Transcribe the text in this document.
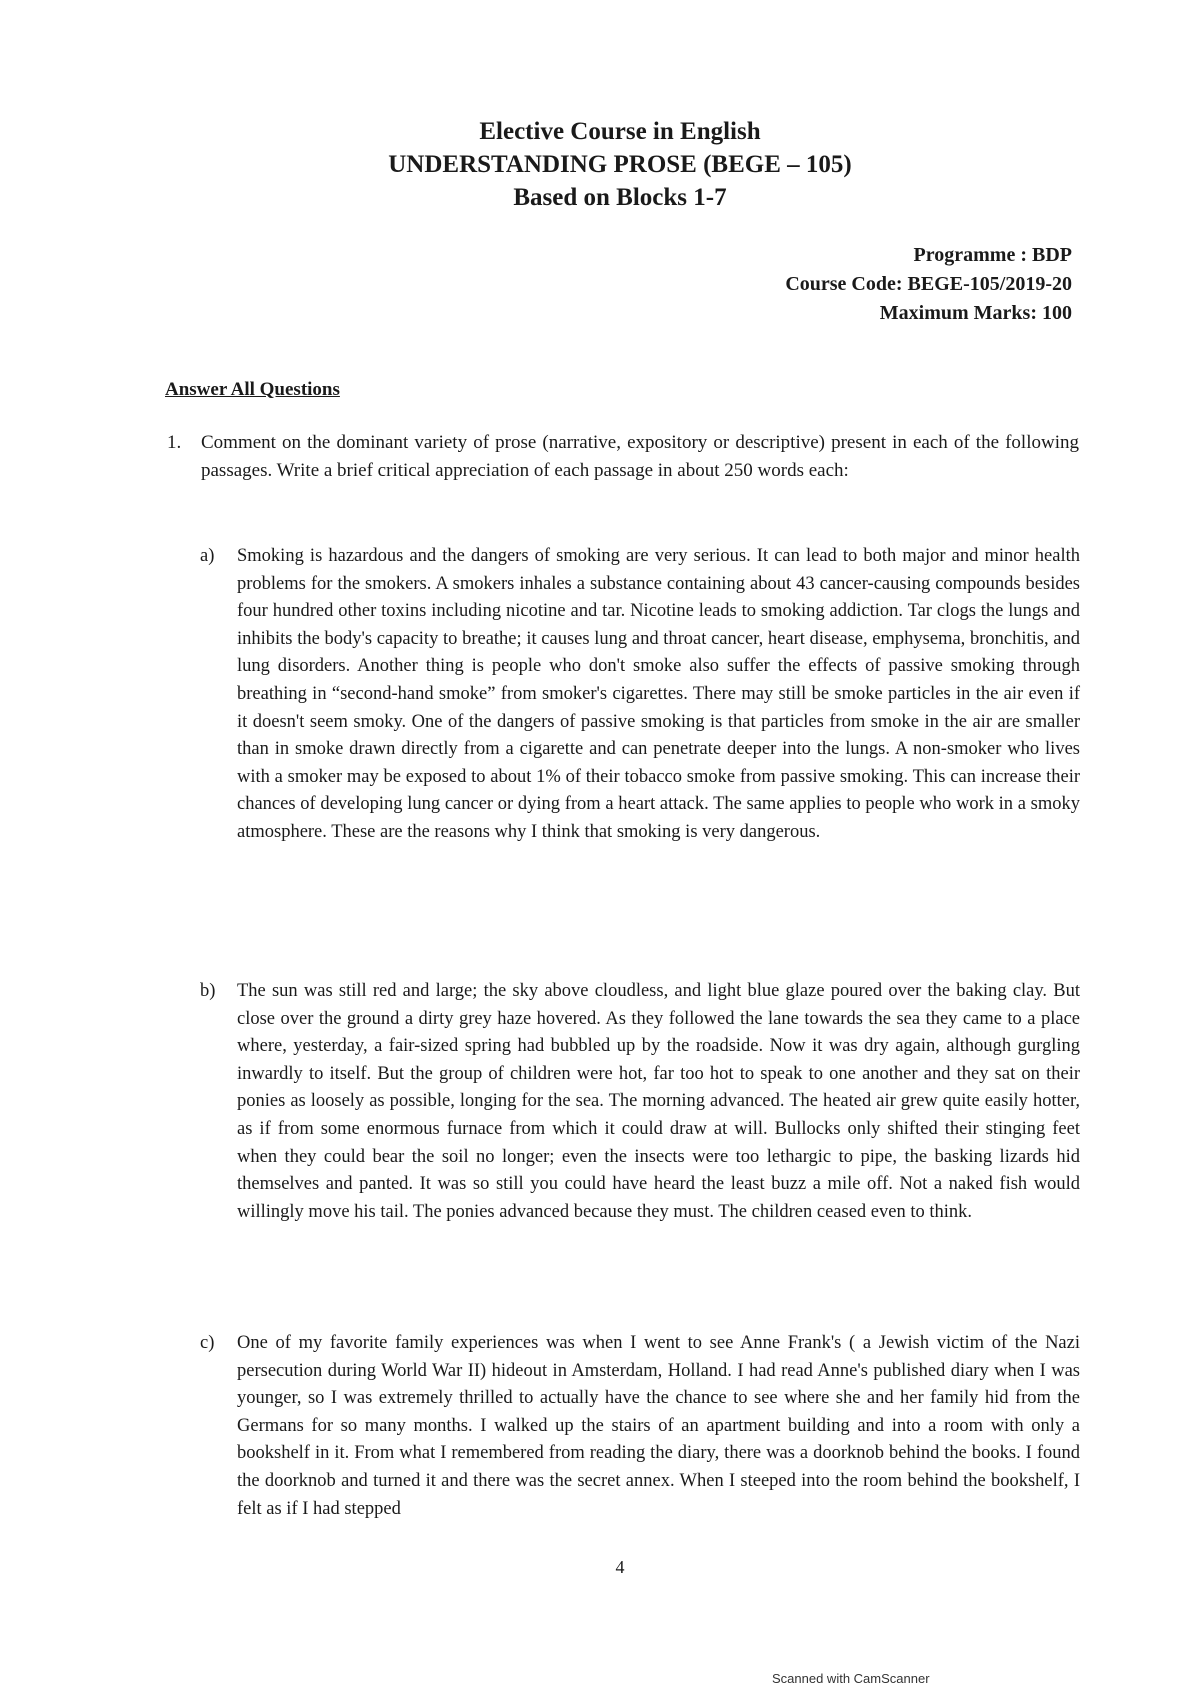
Elective Course in English
UNDERSTANDING PROSE (BEGE – 105)
Based on Blocks 1-7
Programme : BDP
Course Code: BEGE-105/2019-20
Maximum Marks: 100
Answer All Questions
1. Comment on the dominant variety of prose (narrative, expository or descriptive) present in each of the following passages. Write a brief critical appreciation of each passage in about 250 words each:
a) Smoking is hazardous and the dangers of smoking are very serious. It can lead to both major and minor health problems for the smokers. A smokers inhales a substance containing about 43 cancer-causing compounds besides four hundred other toxins including nicotine and tar. Nicotine leads to smoking addiction. Tar clogs the lungs and inhibits the body's capacity to breathe; it causes lung and throat cancer, heart disease, emphysema, bronchitis, and lung disorders. Another thing is people who don't smoke also suffer the effects of passive smoking through breathing in “second-hand smoke” from smoker's cigarettes. There may still be smoke particles in the air even if it doesn't seem smoky. One of the dangers of passive smoking is that particles from smoke in the air are smaller than in smoke drawn directly from a cigarette and can penetrate deeper into the lungs. A non-smoker who lives with a smoker may be exposed to about 1% of their tobacco smoke from passive smoking. This can increase their chances of developing lung cancer or dying from a heart attack. The same applies to people who work in a smoky atmosphere. These are the reasons why I think that smoking is very dangerous.
b) The sun was still red and large; the sky above cloudless, and light blue glaze poured over the baking clay. But close over the ground a dirty grey haze hovered. As they followed the lane towards the sea they came to a place where, yesterday, a fair-sized spring had bubbled up by the roadside. Now it was dry again, although gurgling inwardly to itself. But the group of children were hot, far too hot to speak to one another and they sat on their ponies as loosely as possible, longing for the sea. The morning advanced. The heated air grew quite easily hotter, as if from some enormous furnace from which it could draw at will. Bullocks only shifted their stinging feet when they could bear the soil no longer; even the insects were too lethargic to pipe, the basking lizards hid themselves and panted. It was so still you could have heard the least buzz a mile off. Not a naked fish would willingly move his tail. The ponies advanced because they must. The children ceased even to think.
c) One of my favorite family experiences was when I went to see Anne Frank's ( a Jewish victim of the Nazi persecution during World War II) hideout in Amsterdam, Holland. I had read Anne's published diary when I was younger, so I was extremely thrilled to actually have the chance to see where she and her family hid from the Germans for so many months. I walked up the stairs of an apartment building and into a room with only a bookshelf in it. From what I remembered from reading the diary, there was a doorknob behind the books. I found the doorknob and turned it and there was the secret annex. When I steeped into the room behind the bookshelf, I felt as if I had stepped
4
Scanned with CamScanner
